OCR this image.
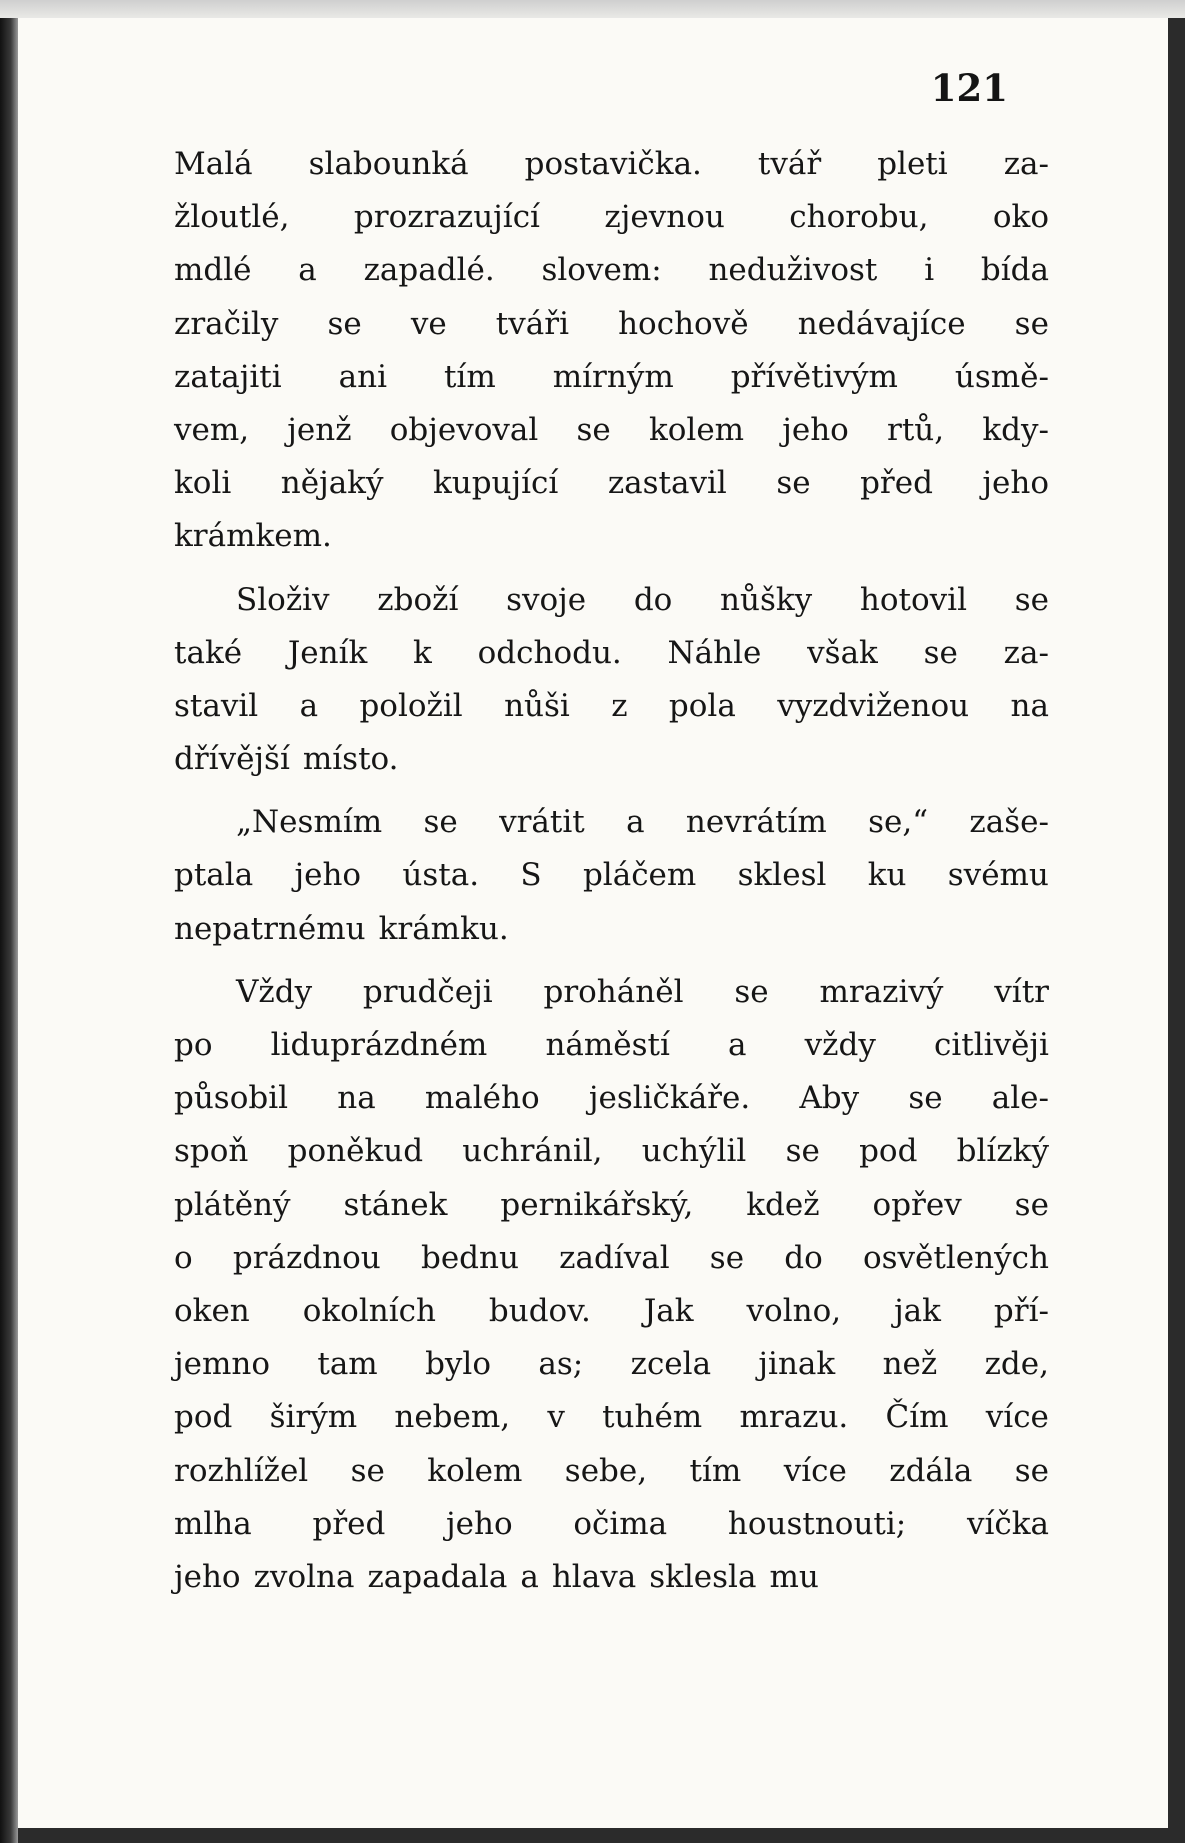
121

Malá slabounká postavička. tvář pleti za-
žloutlé, prozrazující zjevnou chorobu, oko
mdlé a zapadlé. slovem: neduživost i bída
zračily se ve tváři hochově nedávajíce se
zatajiti ani tím mírným přívětivým úsmě-
vem, jenž objevoval se kolem jeho rtů, kdy-
koli nějaký kupující zastavil se před jeho
krámkem.
Složiv zboží svoje do nůšky hotovil se
také Jeník k odchodu. Náhle však se za-
stavil a položil nůši z pola vyzdviženou na
dřívější místo.
„Nesmím se vrátit a nevrátím se,“ zašе-
ptala jeho ústa. S pláčem sklesl ku svému
nepatrnému krámku.
Vždy prudčeji proháněl se mrazivý vítr
po liduprázdném náměstí a vždy citlivěji
působil na malého jesličkáře. Aby se ale-
spoň poněkud uchránil, uchýlil se pod blízký
plátěný stánek pernikářský, kdež opřev se
o prázdnou bednu zadíval se do osvětlených
oken okolních budov. Jak volno, jak pří-
jemno tam bylo as; zcela jinak než zde,
pod širým nebem, v tuhém mrazu. Čím více
rozhlížel se kolem sebe, tím více zdála se
mlha před jeho očima houstnouti; víčka
jeho zvolna zapadala a hlava sklesla mu
